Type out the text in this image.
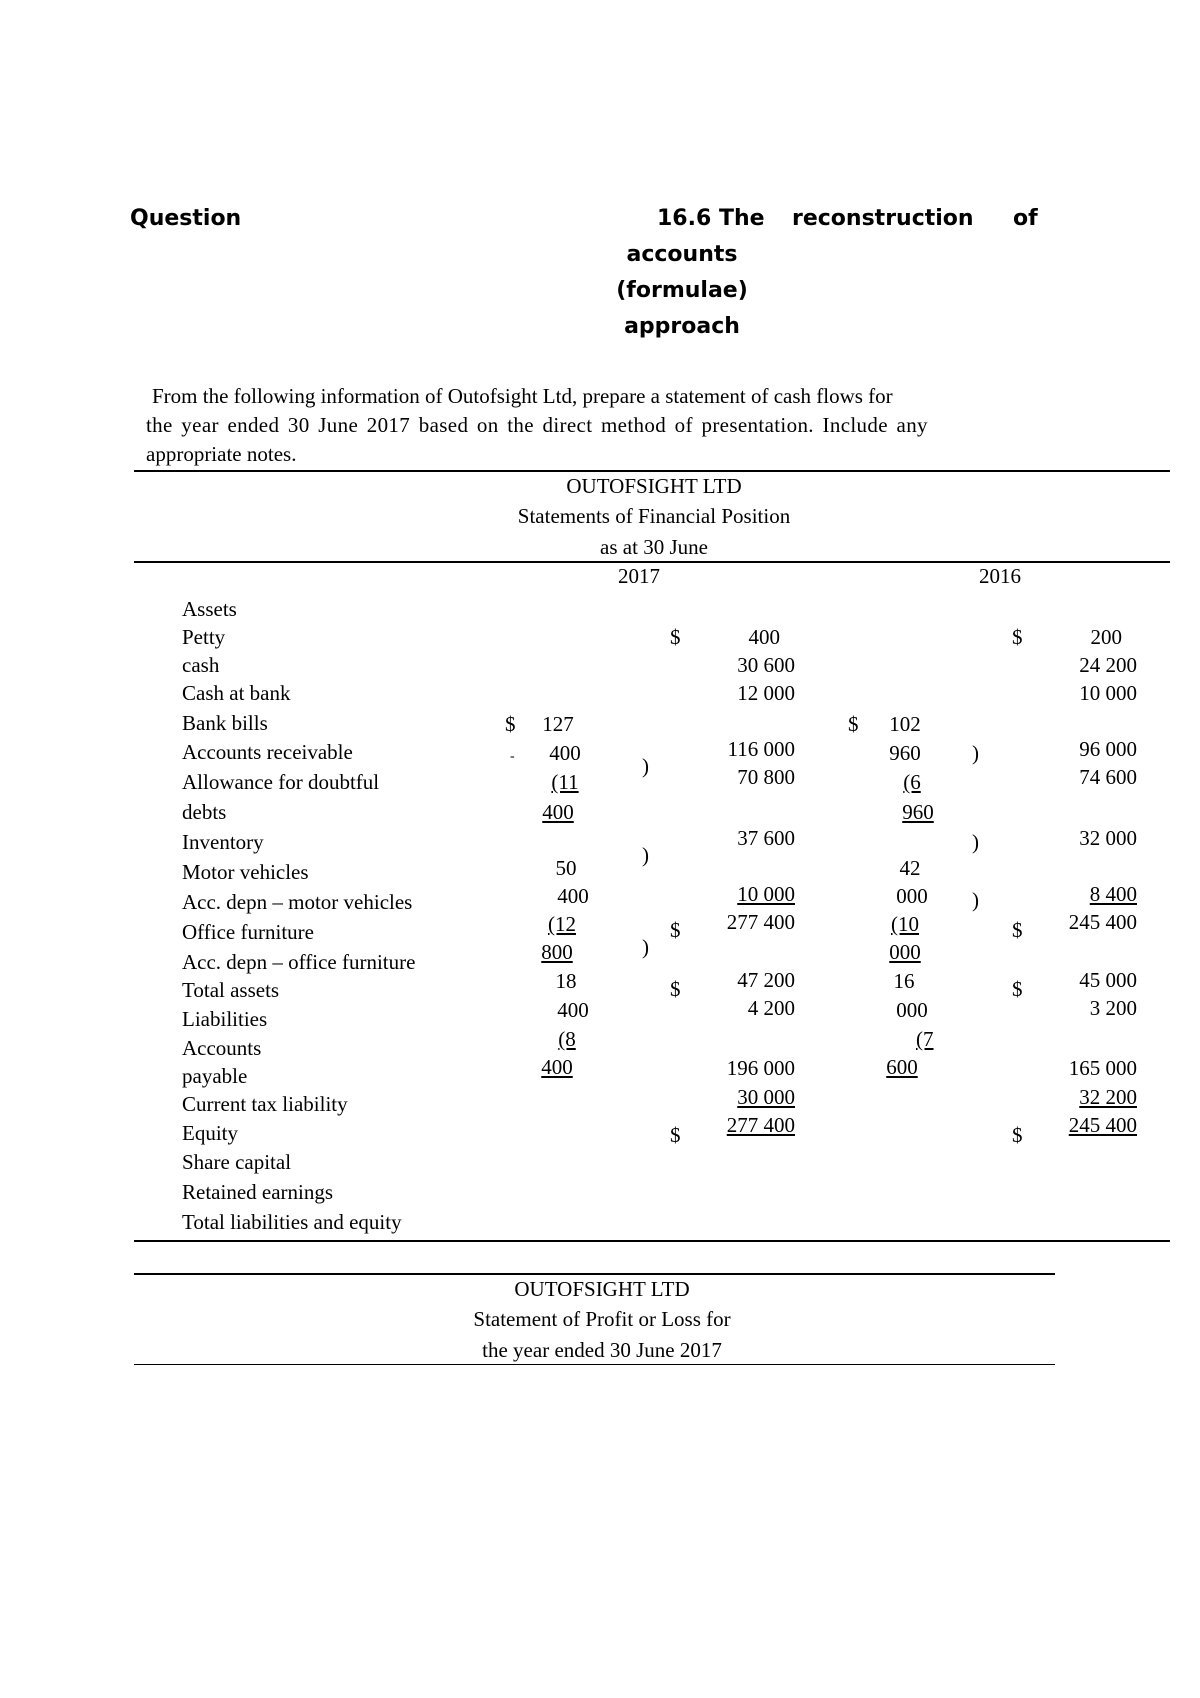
Question	16.6 The reconstruction of
accounts
(formulae)
approach
From the following information of Outofsight Ltd, prepare a statement of cash flows for
the year ended 30 June 2017 based on the direct method of presentation. Include any
appropriate notes.
OUTOFSIGHT LTD
Statements of Financial Position
as at 30 June
2017	2016
Assets
Petty
cash
Cash at bank
Bank bills
Accounts receivable
Allowance for doubtful
debts
Inventory
Motor vehicles
Acc. depn – motor vehicles
Office furniture
Acc. depn – office furniture
Total assets
Liabilities
Accounts
payable
Current tax liability
Equity
Share capital
Retained earnings
Total liabilities and equity
$
-
127
400
(11
400
50
400
(12
800
18
400
(8
400
)
)
)
$
$
$
$
400
30 600
12 000
116 000
70 800
37 600
10 000
277 400
47 200
4 200
196 000
30 000
277 400
$ 102
960
(6
960
42
000
(10
000
16
000
(7
600
)
)
)
$
$
$
$
200
24 200
10 000
96 000
74 600
32 000
8 400
245 400
45 000
3 200
165 000
32 200
245 400
OUTOFSIGHT LTD
Statement of Profit or Loss for
the year ended 30 June 2017
